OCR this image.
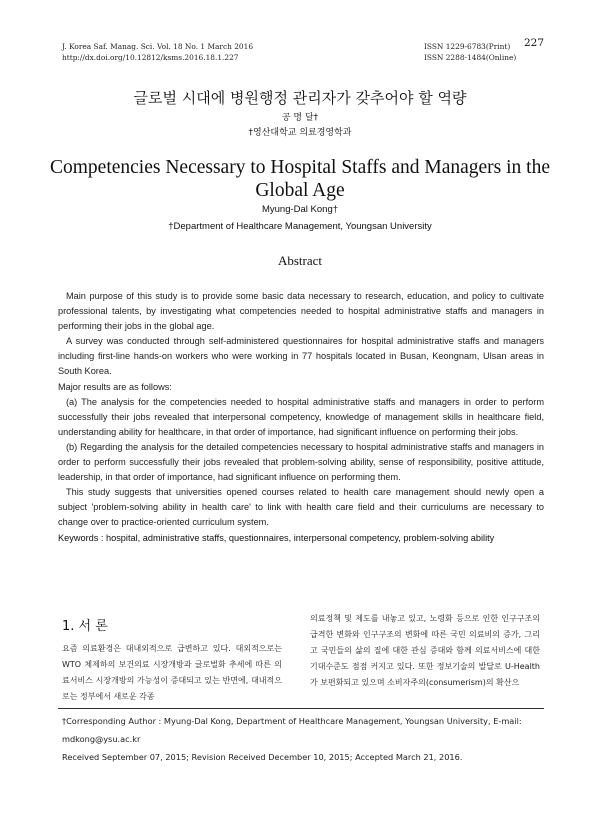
J. Korea Saf. Manag. Sci. Vol. 18 No. 1 March 2016
http://dx.doi.org/10.12812/ksms.2016.18.1.227
ISSN 1229-6783(Print)
ISSN 2288-1484(Online)
227
글로벌 시대에 병원행정 관리자가 갖추어야 할 역량
공 명 달†
†영산대학교 의료경영학과
Competencies Necessary to Hospital Staffs and Managers in the Global Age
Myung-Dal Kong†
†Department of Healthcare Management, Youngsan University
Abstract

Main purpose of this study is to provide some basic data necessary to research, education, and policy to cultivate professional talents, by investigating what competencies needed to hospital administrative staffs and managers in performing their jobs in the global age.

A survey was conducted through self-administered questionnaires for hospital administrative staffs and managers including first-line hands-on workers who were working in 77 hospitals located in Busan, Keongnam, Ulsan areas in South Korea.

Major results are as follows:

(a) The analysis for the competencies needed to hospital administrative staffs and managers in order to perform successfully their jobs revealed that interpersonal competency, knowledge of management skills in healthcare field, understanding ability for healthcare, in that order of importance, had significant influence on performing their jobs.

(b) Regarding the analysis for the detailed competencies necessary to hospital administrative staffs and managers in order to perform successfully their jobs revealed that problem-solving ability, sense of responsibility, positive attitude, leadership, in that order of importance, had significant influence on performing them.

This study suggests that universities opened courses related to health care management should newly open a subject 'problem-solving ability in health care' to link with health care field and their curriculums are necessary to change over to practice-oriented curriculum system.

Keywords : hospital, administrative staffs, questionnaires, interpersonal competency, problem-solving ability

1. 서 론
요즘 의료환경은 대내외적으로 급변하고 있다. 대외적으로는 WTO 체제하의 보건의료 시장개방과 글로벌화 추세에 따른 의료서비스 시장개방의 가능성이 증대되고 있는 반면에, 대내적으로는 정부에서 새로운 각종
의료정책 및 제도를 내놓고 있고, 노령화 등으로 인한 인구구조의 급격한 변화와 인구구조의 변화에 따른 국민 의료비의 증가, 그리고 국민들의 삶의 질에 대한 관심 증대와 함께 의료서비스에 대한 기대수준도 점점 커지고 있다. 또한 정보기술의 발달로 U-Health가 보편화되고 있으며 소비자주의(consumerism)의 확산으
†Corresponding Author : Myung-Dal Kong, Department of Healthcare Management, Youngsan University, E-mail: mdkong@ysu.ac.kr
Received September 07, 2015; Revision Received December 10, 2015; Accepted March 21, 2016.
